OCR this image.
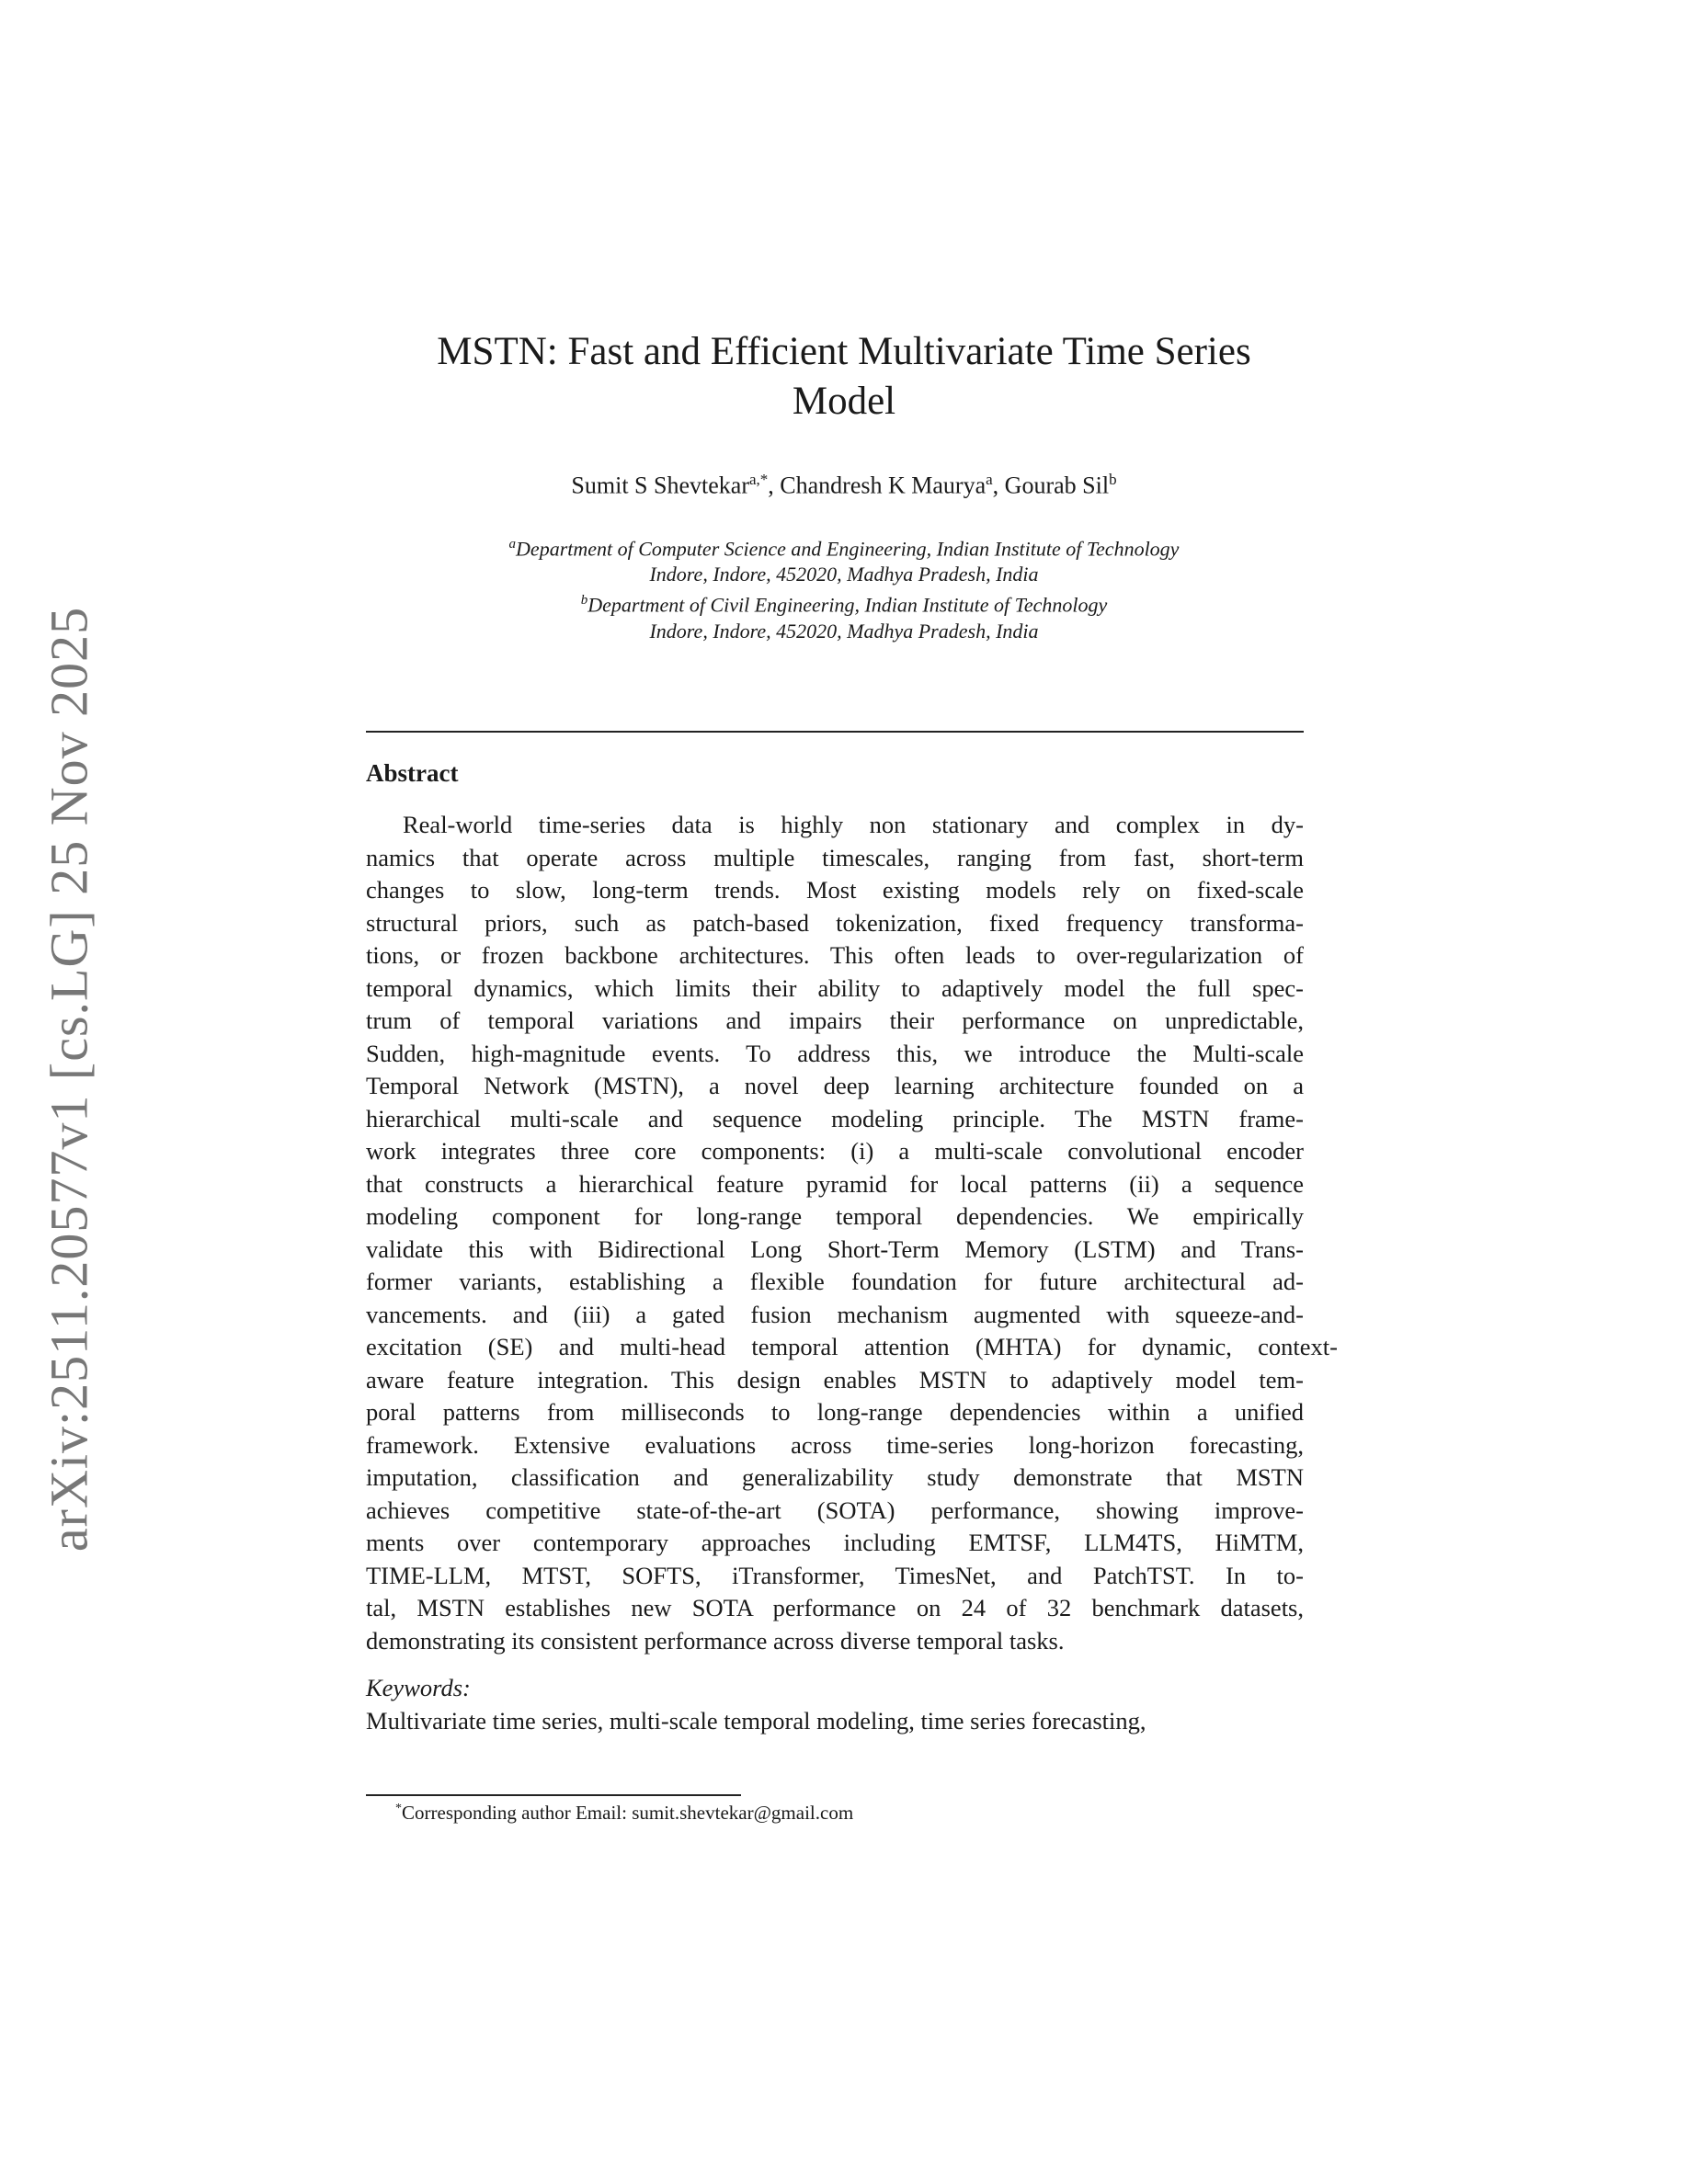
arXiv:2511.20577v1 [cs.LG] 25 Nov 2025
MSTN: Fast and Efficient Multivariate Time Series
Model
Sumit S Shevtekar$^{a,*}$, Chandresh K Maurya$^a$, Gourab Sil$^b$
$^a$Department of Computer Science and Engineering, Indian Institute of Technology
Indore, Indore, 452020, Madhya Pradesh, India
$^b$Department of Civil Engineering, Indian Institute of Technology
Indore, Indore, 452020, Madhya Pradesh, India
Abstract
Real-world time-series data is highly non stationary and complex in dy-
namics that operate across multiple timescales, ranging from fast, short-term
changes to slow, long-term trends. Most existing models rely on fixed-scale
structural priors, such as patch-based tokenization, fixed frequency transforma-
tions, or frozen backbone architectures. This often leads to over-regularization of
temporal dynamics, which limits their ability to adaptively model the full spec-
trum of temporal variations and impairs their performance on unpredictable,
Sudden, high-magnitude events. To address this, we introduce the Multi-scale
Temporal Network (MSTN), a novel deep learning architecture founded on a
hierarchical multi-scale and sequence modeling principle. The MSTN frame-
work integrates three core components: (i) a multi-scale convolutional encoder
that constructs a hierarchical feature pyramid for local patterns (ii) a sequence
modeling component for long-range temporal dependencies. We empirically
validate this with Bidirectional Long Short-Term Memory (LSTM) and Trans-
former variants, establishing a flexible foundation for future architectural ad-
vancements. and (iii) a gated fusion mechanism augmented with squeeze-and-
excitation (SE) and multi-head temporal attention (MHTA) for dynamic, context-
aware feature integration. This design enables MSTN to adaptively model tem-
poral patterns from milliseconds to long-range dependencies within a unified
framework. Extensive evaluations across time-series long-horizon forecasting,
imputation, classification and generalizability study demonstrate that MSTN
achieves competitive state-of-the-art (SOTA) performance, showing improve-
ments over contemporary approaches including EMTSF, LLM4TS, HiMTM,
TIME-LLM, MTST, SOFTS, iTransformer, TimesNet, and PatchTST. In to-
tal, MSTN establishes new SOTA performance on 24 of 32 benchmark datasets,
demonstrating its consistent performance across diverse temporal tasks.
Keywords:
Multivariate time series, multi-scale temporal modeling, time series forecasting,
*Corresponding author Email: sumit.shevtekar@gmail.com
